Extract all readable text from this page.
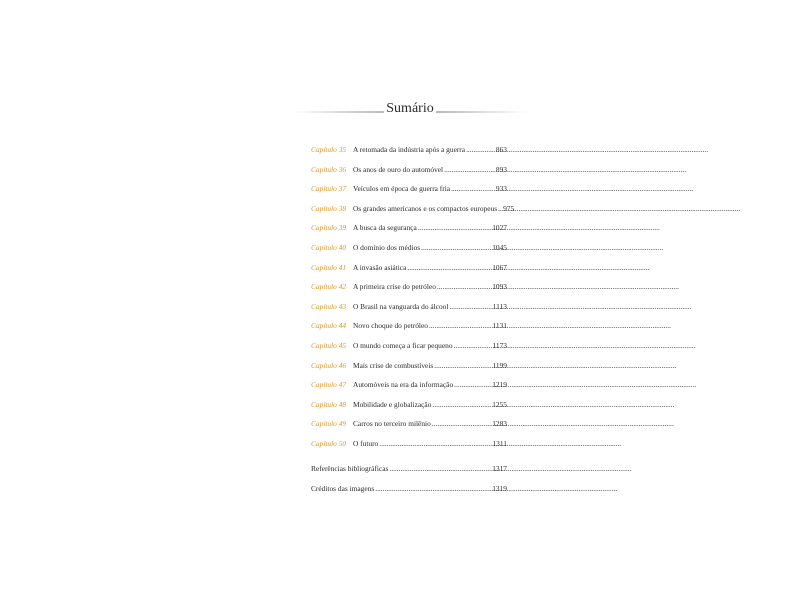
Sumário
Capítulo 35 A retomada da indústria após a guerra .....	863
Capítulo 36 Os anos de ouro do automóvel .....	893
Capítulo 37 Veículos em época de guerra fria .....	933
Capítulo 38 Os grandes americanos e os compactos europeus ..... 975
Capítulo 39 A busca da segurança .....	1027
Capítulo 40 O domínio dos médios .....	1045
Capítulo 41 A invasão asiática .....	1067
Capítulo 42 A primeira crise do petróleo .....	1093
Capítulo 43 O Brasil na vanguarda do álcool .....	1113
Capítulo 44 Novo choque do petróleo .....	1131
Capítulo 45 O mundo começa a ficar pequeno .....	1173
Capítulo 46 Mais crise de combustíveis .....	1199
Capítulo 47 Automóveis na era da informação .....	1219
Capítulo 48 Mobilidade e globalização .....	1255
Capítulo 49 Carros no terceiro milênio .....	1283
Capítulo 50 O futuro .....	1311
Referências bibliográficas .....	1317
Créditos das imagens .....	1319
